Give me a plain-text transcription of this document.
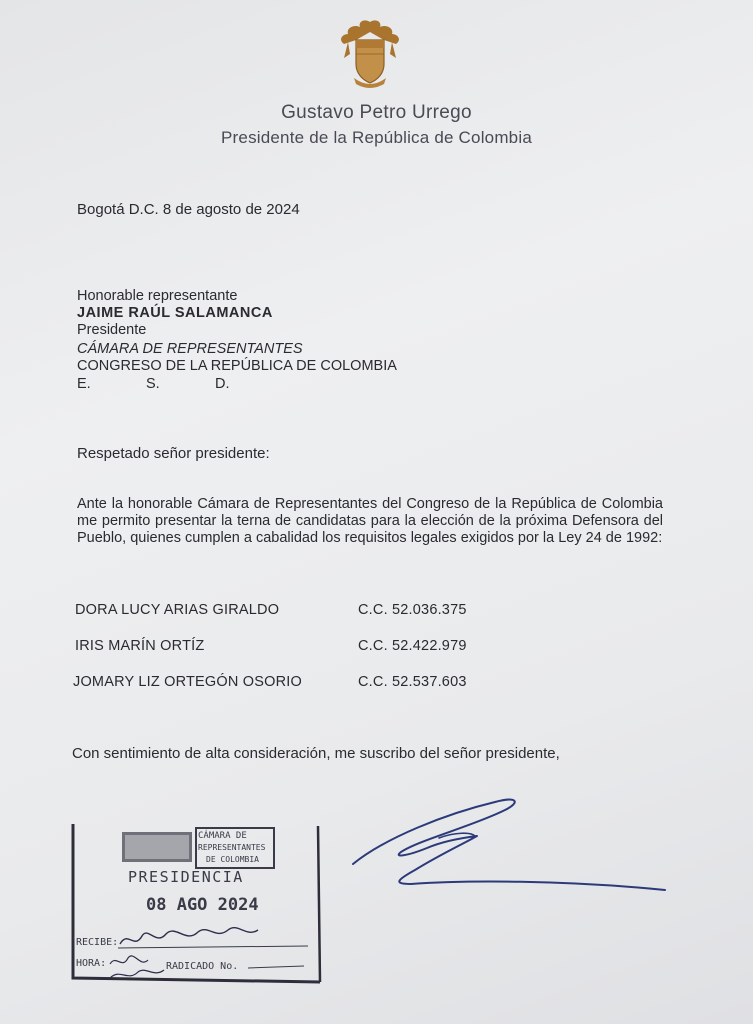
Gustavo Petro Urrego
Presidente de la República de Colombia
Bogotá D.C. 8 de agosto de 2024
Honorable representante
JAIME RAÚL SALAMANCA
Presidente
CÁMARA DE REPRESENTANTES
CONGRESO DE LA REPÚBLICA DE COLOMBIA
E.	S.	D.
Respetado señor presidente:
Ante la honorable Cámara de Representantes del Congreso de la República de Colombia me permito presentar la terna de candidatas para la elección de la próxima Defensora del Pueblo, quienes cumplen a cabalidad los requisitos legales exigidos por la Ley 24 de 1992:
DORA LUCY ARIAS GIRALDO	C.C. 52.036.375
IRIS MARÍN ORTÍZ	C.C. 52.422.979
JOMARY LIZ ORTEGÓN OSORIO	C.C. 52.537.603
Con sentimiento de alta consideración, me suscribo del señor presidente,
CÁMARA DE
REPRESENTANTES
DE COLOMBIA
PRESIDENCIA
08 AGO 2024
RECIBE:
HORA:	RADICADO No.
